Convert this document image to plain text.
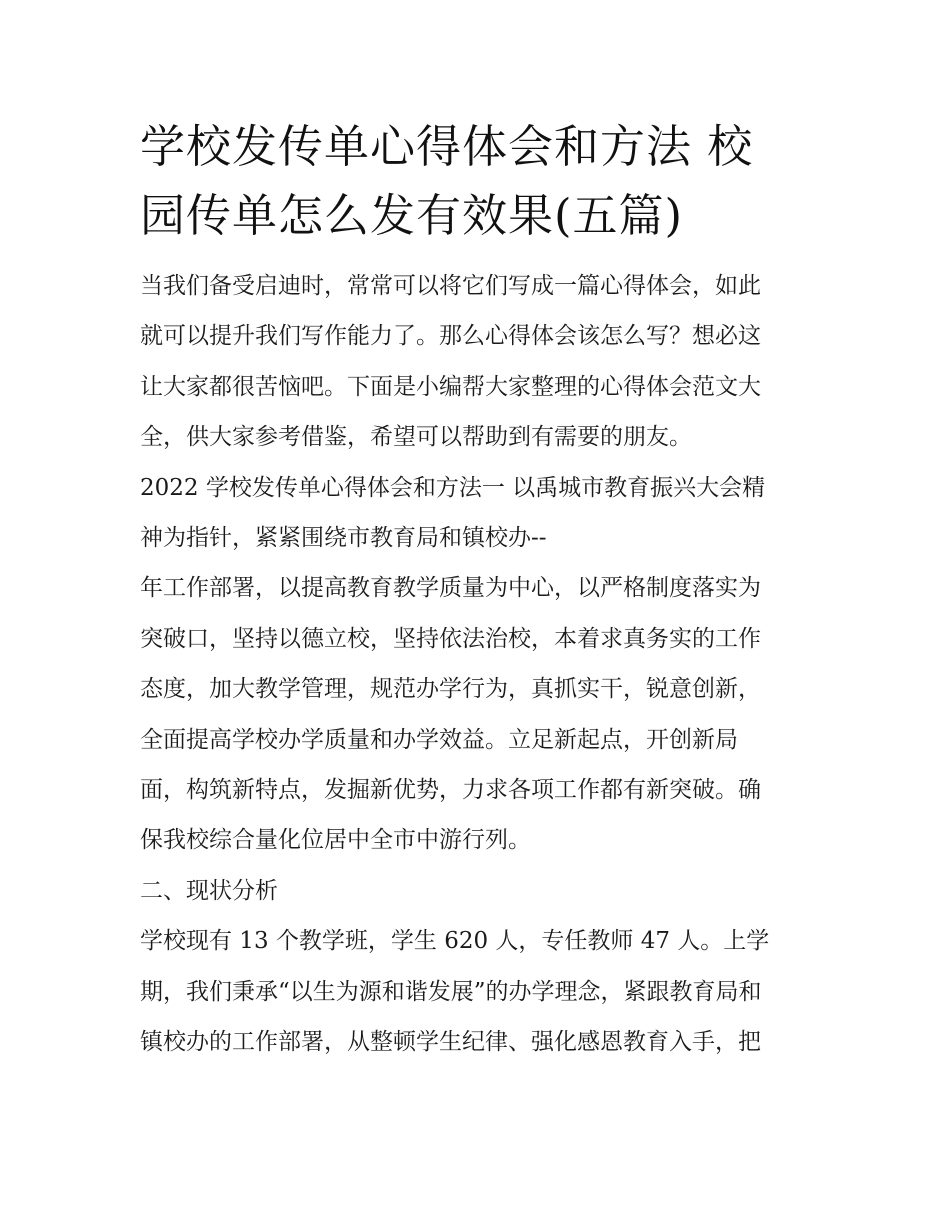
学校发传单心得体会和方法 校
园传单怎么发有效果(五篇)

当我们备受启迪时，常常可以将它们写成一篇心得体会，如此
就可以提升我们写作能力了。那么心得体会该怎么写？想必这
让大家都很苦恼吧。下面是小编帮大家整理的心得体会范文大
全，供大家参考借鉴，希望可以帮助到有需要的朋友。

2022 学校发传单心得体会和方法一 以禹城市教育振兴大会精
神为指针，紧紧围绕市教育局和镇校办--

年工作部署，以提高教育教学质量为中心，以严格制度落实为
突破口，坚持以德立校，坚持依法治校，本着求真务实的工作
态度，加大教学管理，规范办学行为，真抓实干，锐意创新，
全面提高学校办学质量和办学效益。立足新起点，开创新局
面，构筑新特点，发掘新优势，力求各项工作都有新突破。确
保我校综合量化位居中全市中游行列。

二、现状分析

学校现有 13 个教学班，学生 620 人，专任教师 47 人。上学
期，我们秉承“以生为源和谐发展”的办学理念，紧跟教育局和
镇校办的工作部署，从整顿学生纪律、强化感恩教育入手，把
